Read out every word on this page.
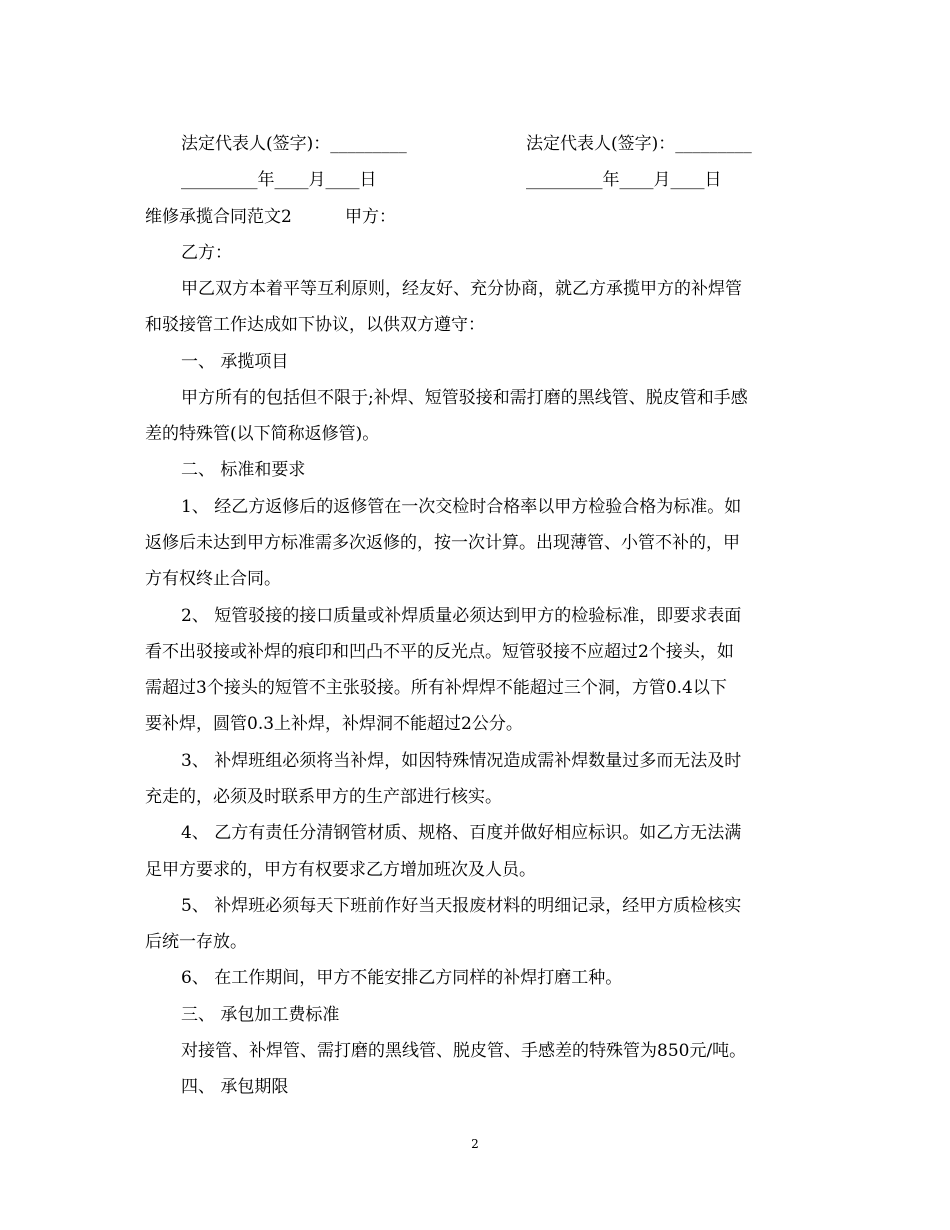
法定代表人(签字)：_________	法定代表人(签字)：_________
_________年____月____日	_________年____月____日
维修承揽合同范文2	甲方：
乙方：
甲乙双方本着平等互利原则，经友好、充分协商，就乙方承揽甲方的补焊管
和驳接管工作达成如下协议，以供双方遵守：
一、 承揽项目
甲方所有的包括但不限于;补焊、短管驳接和需打磨的黑线管、脱皮管和手感
差的特殊管(以下简称返修管)。
二、 标准和要求
1、 经乙方返修后的返修管在一次交检时合格率以甲方检验合格为标准。如
返修后未达到甲方标准需多次返修的，按一次计算。出现薄管、小管不补的，甲
方有权终止合同。
2、 短管驳接的接口质量或补焊质量必须达到甲方的检验标准，即要求表面
看不出驳接或补焊的痕印和凹凸不平的反光点。短管驳接不应超过2个接头，如
需超过3个接头的短管不主张驳接。所有补焊焊不能超过三个洞，方管0.4以下
要补焊，圆管0.3上补焊，补焊洞不能超过2公分。
3、 补焊班组必须将当补焊，如因特殊情况造成需补焊数量过多而无法及时
充走的，必须及时联系甲方的生产部进行核实。
4、 乙方有责任分清钢管材质、规格、百度并做好相应标识。如乙方无法满
足甲方要求的，甲方有权要求乙方增加班次及人员。
5、 补焊班必须每天下班前作好当天报废材料的明细记录，经甲方质检核实
后统一存放。
6、 在工作期间，甲方不能安排乙方同样的补焊打磨工种。
三、 承包加工费标准
对接管、补焊管、需打磨的黑线管、脱皮管、手感差的特殊管为850元/吨。
四、 承包期限
2
